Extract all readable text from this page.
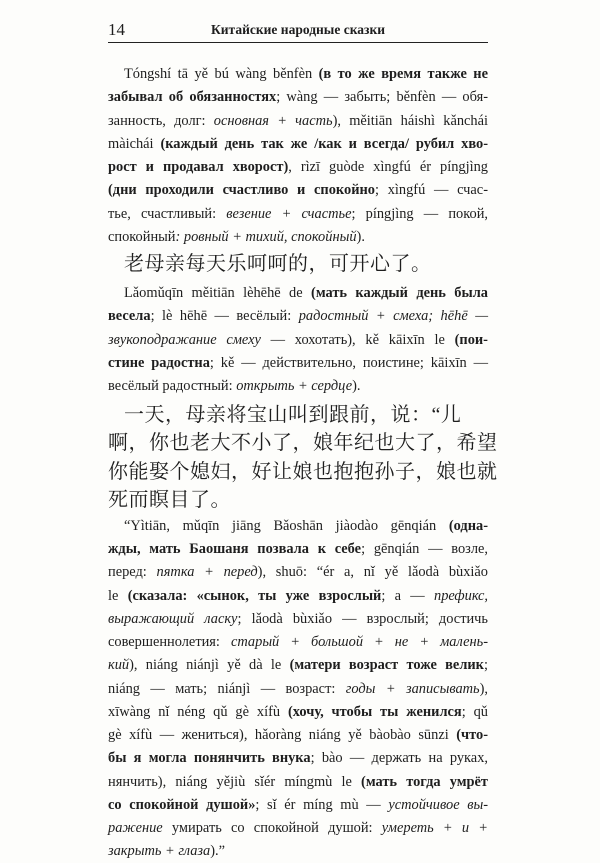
14	Китайские народные сказки
Tóngshí tā yě bú wàng běnfèn (в то же время также не
забывал об обязанностях; wàng — забыть; běnfèn — обя-
занность, долг: основная + часть), měitiān háishì kǎnchái
màichái (каждый день так же /как и всегда/ рубил хво-
рост и продавал хворост), rìzī guòde xìngfú ér píngjìng
(дни проходили счастливо и спокойно; xìngfú — счас-
тье, счастливый: везение + счастье; píngjìng — покой,
спокойный: ровный + тихий, спокойный).
老母亲每天乐呵呵的，可开心了。
Lǎomǔqīn měitiān lèhēhē de (мать каждый день была
весела; lè hēhē — весёлый: радостный + смеха; hēhē —
звукоподражание смеху — хохотать), kě kāixīn le (пои-
стине радостна; kě — действительно, поистине; kāixīn —
весёлый радостный: открыть + сердце).
一天，母亲将宝山叫到跟前，说：“儿
啊，你也老大不小了，娘年纪也大了，希望
你能娶个媳妇，好让娘也抱抱孙子，娘也就
死而瞑目了。
“Yìtiān, mǔqīn jiāng Bǎoshān jiàodào gēnqián (одна-
жды, мать Баошаня позвала к себе; gēnqián — возле,
перед: пятка + перед), shuō: “ér a, nǐ yě lǎodà bùxiǎo
le (сказала: «сынок, ты уже взрослый; a — префикс,
выражающий ласку; lǎodà bùxiǎo — взрослый; достичь
совершеннолетия: старый + большой + не + малень-
кий), niáng niánjì yě dà le (матери возраст тоже велик;
niáng — мать; niánjì — возраст: годы + записывать),
xīwàng nǐ néng qǔ gè xífù (хочу, чтобы ты женился; qǔ
gè xífù — жениться), hǎoràng niáng yě bàobào sūnzi (что-
бы я могла понянчить внука; bào — держать на руках,
нянчить), niáng yějiù sǐér míngmù le (мать тогда умрёт
со спокойной душой»; sǐ ér míng mù — устойчивое вы-
ражение умирать со спокойной душой: умереть + и +
закрыть + глаза).”
